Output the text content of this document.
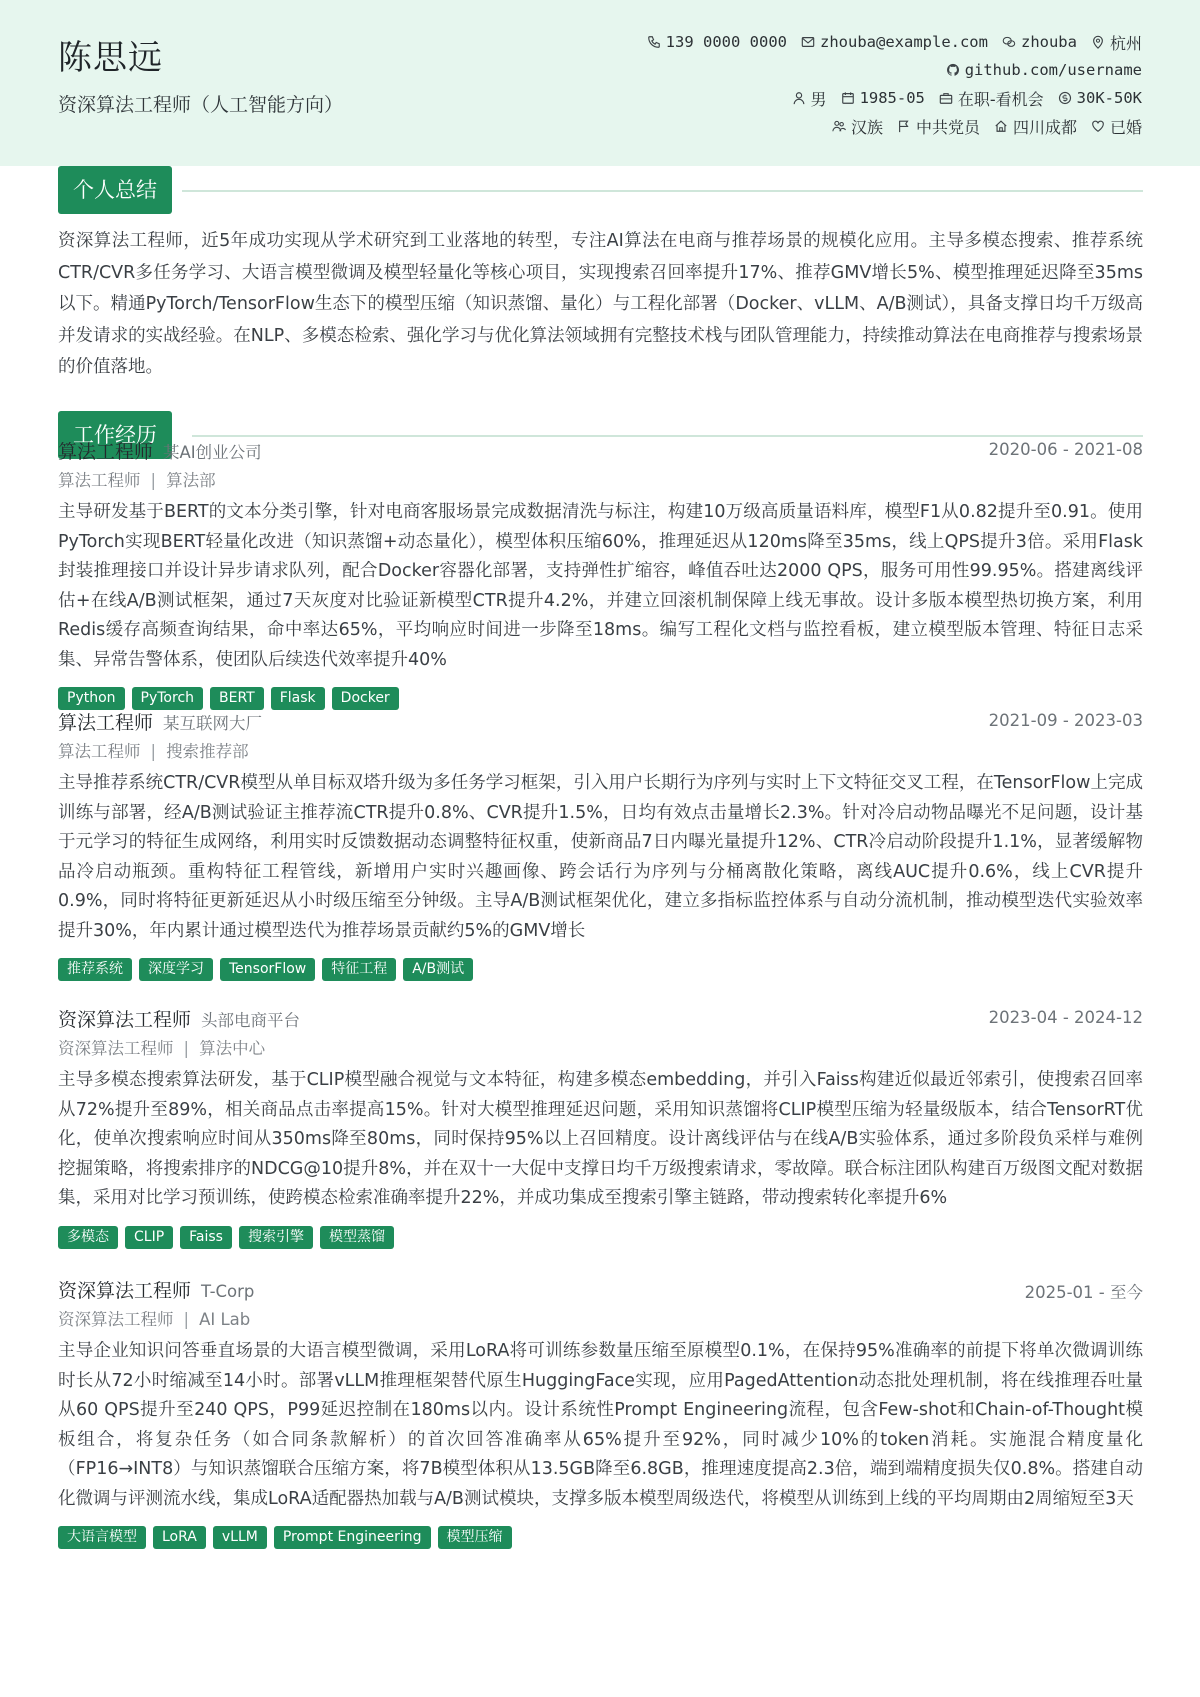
陈思远
资深算法工程师（人工智能方向）
139 0000 0000 zhouba@example.com zhouba 杭州
github.com/username
男 1985-05 在职-看机会 30K-50K
汉族 中共党员 四川成都 已婚
个人总结
资深算法工程师，近5年成功实现从学术研究到工业落地的转型，专注AI算法在电商与推荐场景的规模化应用。主导多模态搜索、推荐系统CTR/CVR多任务学习、大语言模型微调及模型轻量化等核心项目，实现搜索召回率提升17%、推荐GMV增长5%、模型推理延迟降至35ms以下。精通PyTorch/TensorFlow生态下的模型压缩（知识蒸馏、量化）与工程化部署（Docker、vLLM、A/B测试），具备支撑日均千万级高并发请求的实战经验。在NLP、多模态检索、强化学习与优化算法领域拥有完整技术栈与团队管理能力，持续推动算法在电商推荐与搜索场景的价值落地。
工作经历
算法工程师 某AI创业公司	2020-06 - 2021-08
算法工程师 | 算法部
主导研发基于BERT的文本分类引擎，针对电商客服场景完成数据清洗与标注，构建10万级高质量语料库，模型F1从0.82提升至0.91。使用PyTorch实现BERT轻量化改进（知识蒸馏+动态量化），模型体积压缩60%，推理延迟从120ms降至35ms，线上QPS提升3倍。采用Flask封装推理接口并设计异步请求队列，配合Docker容器化部署，支持弹性扩缩容，峰值吞吐达2000 QPS，服务可用性99.95%。搭建离线评估+在线A/B测试框架，通过7天灰度对比验证新模型CTR提升4.2%，并建立回滚机制保障上线无事故。设计多版本模型热切换方案，利用Redis缓存高频查询结果，命中率达65%，平均响应时间进一步降至18ms。编写工程化文档与监控看板，建立模型版本管理、特征日志采集、异常告警体系，使团队后续迭代效率提升40%
Python	PyTorch	BERT	Flask	Docker
算法工程师 某互联网大厂	2021-09 - 2023-03
算法工程师 | 搜索推荐部
主导推荐系统CTR/CVR模型从单目标双塔升级为多任务学习框架，引入用户长期行为序列与实时上下文特征交叉工程，在TensorFlow上完成训练与部署，经A/B测试验证主推荐流CTR提升0.8%、CVR提升1.5%，日均有效点击量增长2.3%。针对冷启动物品曝光不足问题，设计基于元学习的特征生成网络，利用实时反馈数据动态调整特征权重，使新商品7日内曝光量提升12%、CTR冷启动阶段提升1.1%，显著缓解物品冷启动瓶颈。重构特征工程管线，新增用户实时兴趣画像、跨会话行为序列与分桶离散化策略，离线AUC提升0.6%，线上CVR提升0.9%，同时将特征更新延迟从小时级压缩至分钟级。主导A/B测试框架优化，建立多指标监控体系与自动分流机制，推动模型迭代实验效率提升30%，年内累计通过模型迭代为推荐场景贡献约5%的GMV增长
推荐系统	深度学习	TensorFlow	特征工程	A/B测试
资深算法工程师 头部电商平台	2023-04 - 2024-12
资深算法工程师 | 算法中心
主导多模态搜索算法研发，基于CLIP模型融合视觉与文本特征，构建多模态embedding，并引入Faiss构建近似最近邻索引，使搜索召回率从72%提升至89%，相关商品点击率提高15%。针对大模型推理延迟问题，采用知识蒸馏将CLIP模型压缩为轻量级版本，结合TensorRT优化，使单次搜索响应时间从350ms降至80ms，同时保持95%以上召回精度。设计离线评估与在线A/B实验体系，通过多阶段负采样与难例挖掘策略，将搜索排序的NDCG@10提升8%，并在双十一大促中支撑日均千万级搜索请求，零故障。联合标注团队构建百万级图文配对数据集，采用对比学习预训练，使跨模态检索准确率提升22%，并成功集成至搜索引擎主链路，带动搜索转化率提升6%
多模态	CLIP	Faiss	搜索引擎	模型蒸馏
资深算法工程师 T-Corp	2025-01 - 至今
资深算法工程师 | AI Lab
主导企业知识问答垂直场景的大语言模型微调，采用LoRA将可训练参数量压缩至原模型0.1%，在保持95%准确率的前提下将单次微调训练时长从72小时缩减至14小时。部署vLLM推理框架替代原生HuggingFace实现，应用PagedAttention动态批处理机制，将在线推理吞吐量从60 QPS提升至240 QPS，P99延迟控制在180ms以内。设计系统性Prompt Engineering流程，包含Few-shot和Chain-of-Thought模板组合，将复杂任务（如合同条款解析）的首次回答准确率从65%提升至92%，同时减少10%的token消耗。实施混合精度量化（FP16→INT8）与知识蒸馏联合压缩方案，将7B模型体积从13.5GB降至6.8GB，推理速度提高2.3倍，端到端精度损失仅0.8%。搭建自动化微调与评测流水线，集成LoRA适配器热加载与A/B测试模块，支撑多版本模型周级迭代，将模型从训练到上线的平均周期由2周缩短至3天
大语言模型	LoRA	vLLM	Prompt Engineering	模型压缩
